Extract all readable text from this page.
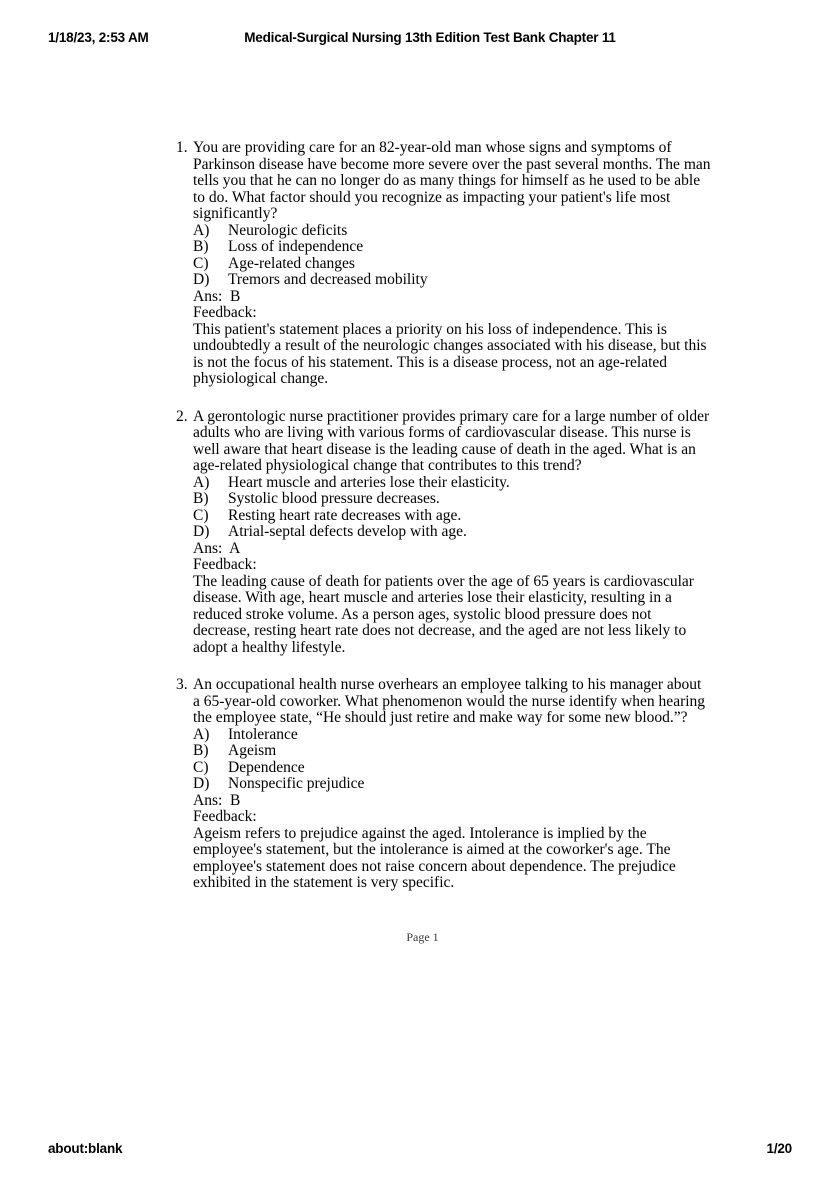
1/18/23, 2:53 AM	Medical-Surgical Nursing 13th Edition Test Bank Chapter 11
1. You are providing care for an 82-year-old man whose signs and symptoms of Parkinson disease have become more severe over the past several months. The man tells you that he can no longer do as many things for himself as he used to be able to do. What factor should you recognize as impacting your patient's life most significantly?
A)	Neurologic deficits
B)	Loss of independence
C)	Age-related changes
D)	Tremors and decreased mobility
Ans:  B
Feedback:
This patient's statement places a priority on his loss of independence. This is undoubtedly a result of the neurologic changes associated with his disease, but this is not the focus of his statement. This is a disease process, not an age-related physiological change.
2. A gerontologic nurse practitioner provides primary care for a large number of older adults who are living with various forms of cardiovascular disease. This nurse is well aware that heart disease is the leading cause of death in the aged. What is an age-related physiological change that contributes to this trend?
A)	Heart muscle and arteries lose their elasticity.
B)	Systolic blood pressure decreases.
C)	Resting heart rate decreases with age.
D)	Atrial-septal defects develop with age.
Ans:  A
Feedback:
The leading cause of death for patients over the age of 65 years is cardiovascular disease. With age, heart muscle and arteries lose their elasticity, resulting in a reduced stroke volume. As a person ages, systolic blood pressure does not decrease, resting heart rate does not decrease, and the aged are not less likely to adopt a healthy lifestyle.
3. An occupational health nurse overhears an employee talking to his manager about a 65-year-old coworker. What phenomenon would the nurse identify when hearing the employee state, “He should just retire and make way for some new blood.”?
A)	Intolerance
B)	Ageism
C)	Dependence
D)	Nonspecific prejudice
Ans:  B
Feedback:
Ageism refers to prejudice against the aged. Intolerance is implied by the employee's statement, but the intolerance is aimed at the coworker's age. The employee's statement does not raise concern about dependence. The prejudice exhibited in the statement is very specific.
Page 1
about:blank	1/20
